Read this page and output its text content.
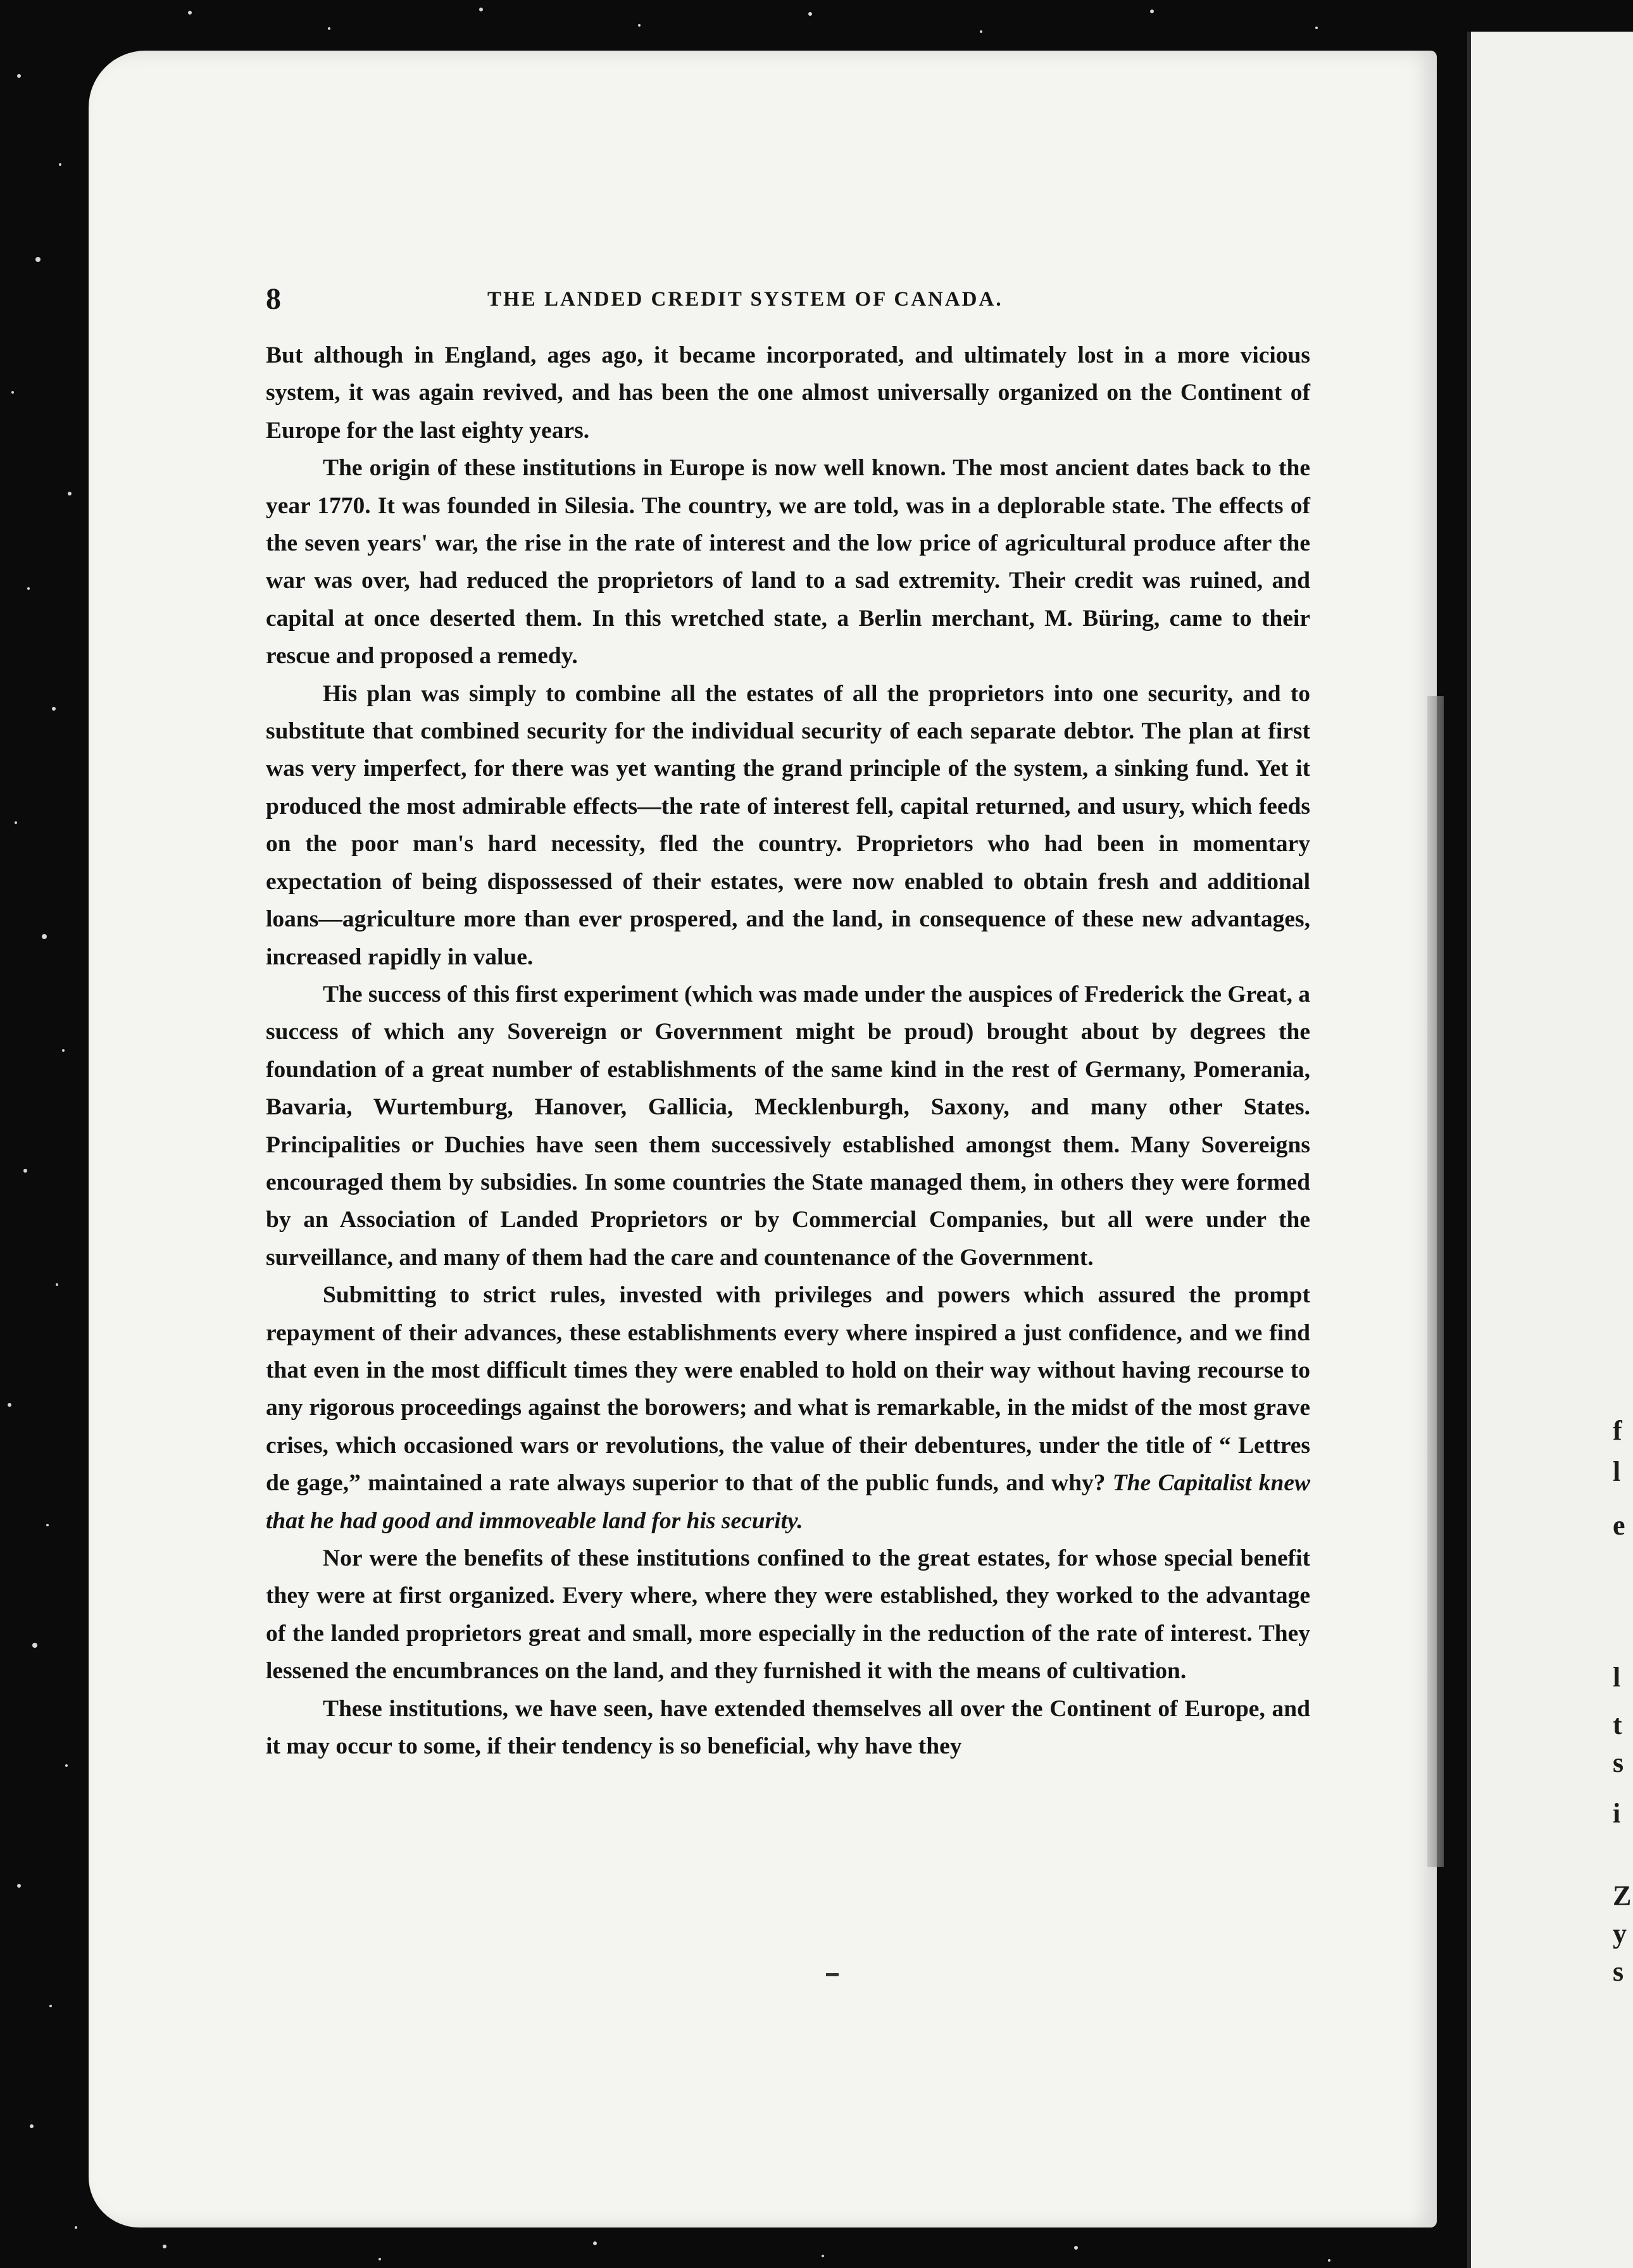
f
l
e
l
t
s
i
Z
y
s
8	THE LANDED CREDIT SYSTEM OF CANADA.

But although in England, ages ago, it became incorporated, and ultimately lost in a more vicious system, it was again revived, and has been the one almost universally organized on the Continent of Europe for the last eighty years.

The origin of these institutions in Europe is now well known. The most ancient dates back to the year 1770. It was founded in Silesia. The country, we are told, was in a deplorable state. The effects of the seven years' war, the rise in the rate of interest and the low price of agricultural produce after the war was over, had reduced the proprietors of land to a sad extremity. Their credit was ruined, and capital at once deserted them. In this wretched state, a Berlin merchant, M. Büring, came to their rescue and proposed a remedy.

His plan was simply to combine all the estates of all the proprietors into one security, and to substitute that combined security for the individual security of each separate debtor. The plan at first was very imperfect, for there was yet wanting the grand principle of the system, a sinking fund. Yet it produced the most admirable effects—the rate of interest fell, capital returned, and usury, which feeds on the poor man's hard necessity, fled the country. Proprietors who had been in momentary expectation of being dispossessed of their estates, were now enabled to obtain fresh and additional loans—agriculture more than ever prospered, and the land, in consequence of these new advantages, increased rapidly in value.

The success of this first experiment (which was made under the auspices of Frederick the Great, a success of which any Sovereign or Government might be proud) brought about by degrees the foundation of a great number of establishments of the same kind in the rest of Germany, Pomerania, Bavaria, Wurtemburg, Hanover, Gallicia, Mecklenburgh, Saxony, and many other States. Principalities or Duchies have seen them successively established amongst them. Many Sovereigns encouraged them by subsidies. In some countries the State managed them, in others they were formed by an Association of Landed Proprietors or by Commercial Companies, but all were under the surveillance, and many of them had the care and countenance of the Government.

Submitting to strict rules, invested with privileges and powers which assured the prompt repayment of their advances, these establishments every where inspired a just confidence, and we find that even in the most difficult times they were enabled to hold on their way without having recourse to any rigorous proceedings against the borowers; and what is remarkable, in the midst of the most grave crises, which occasioned wars or revolutions, the value of their debentures, under the title of “ Lettres de gage,” maintained a rate always superior to that of the public funds, and why? The Capitalist knew that he had good and immoveable land for his security.

Nor were the benefits of these institutions confined to the great estates, for whose special benefit they were at first organized. Every where, where they were established, they worked to the advantage of the landed proprietors great and small, more especially in the reduction of the rate of interest. They lessened the encumbrances on the land, and they furnished it with the means of cultivation.

These institutions, we have seen, have extended themselves all over the Continent of Europe, and it may occur to some, if their tendency is so beneficial, why have they
